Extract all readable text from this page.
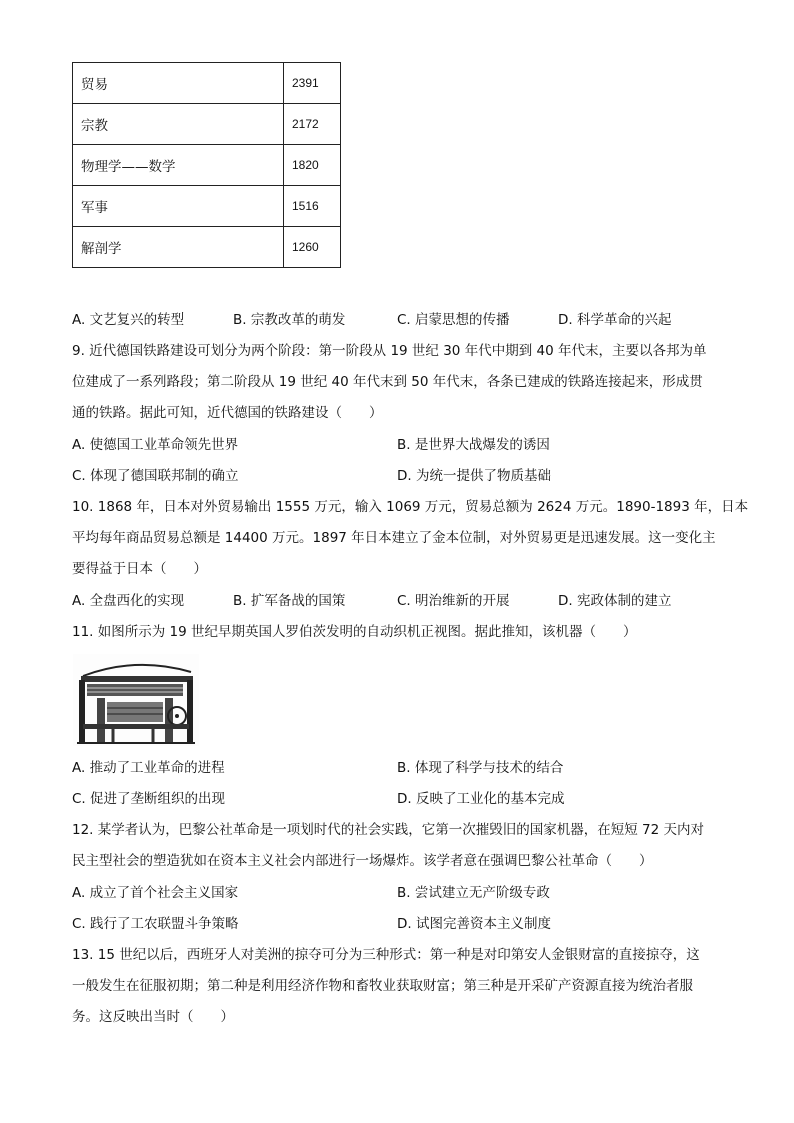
贸易	2391
宗教	2172
物理学——数学	1820
军事	1516
解剖学	1260
A. 文艺复兴的转型	B. 宗教改革的萌发	C. 启蒙思想的传播	D. 科学革命的兴起
9. 近代德国铁路建设可划分为两个阶段：第一阶段从 19 世纪 30 年代中期到 40 年代末，主要以各邦为单
位建成了一系列路段；第二阶段从 19 世纪 40 年代末到 50 年代末，各条已建成的铁路连接起来，形成贯
通的铁路。据此可知，近代德国的铁路建设（　　）
A. 使德国工业革命领先世界	B. 是世界大战爆发的诱因
C. 体现了德国联邦制的确立	D. 为统一提供了物质基础
10. 1868 年，日本对外贸易输出 1555 万元，输入 1069 万元，贸易总额为 2624 万元。1890-1893 年，日本
平均每年商品贸易总额是 14400 万元。1897 年日本建立了金本位制，对外贸易更是迅速发展。这一变化主
要得益于日本（　　）
A. 全盘西化的实现	B. 扩军备战的国策	C. 明治维新的开展	D. 宪政体制的建立
11. 如图所示为 19 世纪早期英国人罗伯茨发明的自动织机正视图。据此推知，该机器（　　）
A. 推动了工业革命的进程	B. 体现了科学与技术的结合
C. 促进了垄断组织的出现	D. 反映了工业化的基本完成
12. 某学者认为，巴黎公社革命是一项划时代的社会实践，它第一次摧毁旧的国家机器，在短短 72 天内对
民主型社会的塑造犹如在资本主义社会内部进行一场爆炸。该学者意在强调巴黎公社革命（　　）
A. 成立了首个社会主义国家	B. 尝试建立无产阶级专政
C. 践行了工农联盟斗争策略	D. 试图完善资本主义制度
13. 15 世纪以后，西班牙人对美洲的掠夺可分为三种形式：第一种是对印第安人金银财富的直接掠夺，这
一般发生在征服初期；第二种是利用经济作物和畜牧业获取财富；第三种是开采矿产资源直接为统治者服
务。这反映出当时（　　）
